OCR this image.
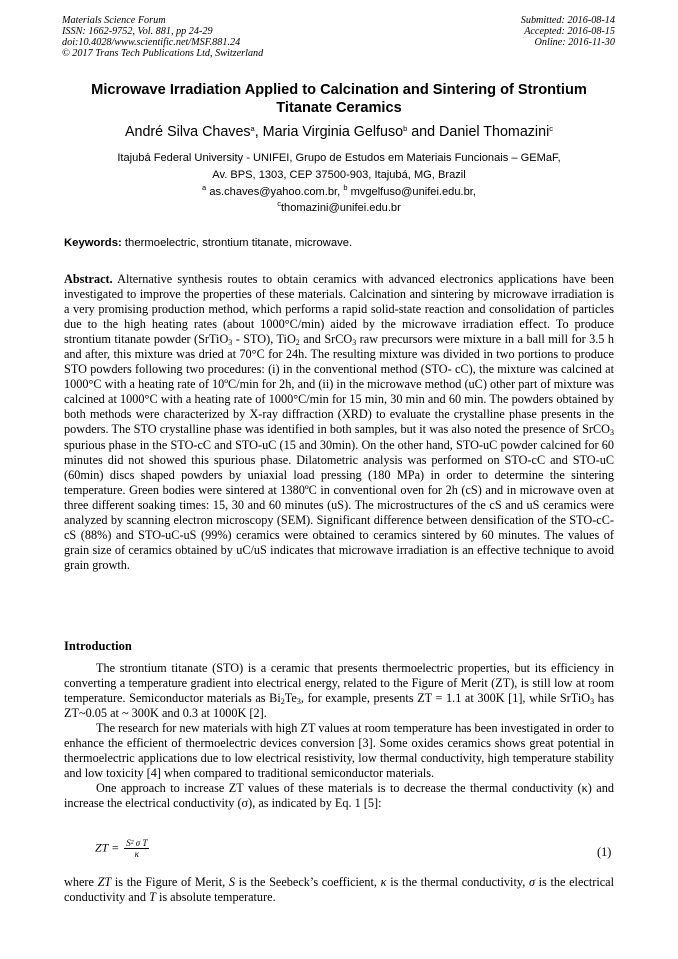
Materials Science Forum
ISSN: 1662-9752, Vol. 881, pp 24-29
doi:10.4028/www.scientific.net/MSF.881.24
© 2017 Trans Tech Publications Ltd, Switzerland
Submitted: 2016-08-14
Accepted: 2016-08-15
Online: 2016-11-30
Microwave Irradiation Applied to Calcination and Sintering of Strontium
Titanate Ceramics
André Silva Chaves$^a$, Maria Virginia Gelfuso$^b$ and Daniel Thomazini$^c$
Itajubá Federal University - UNIFEI, Grupo de Estudos em Materiais Funcionais – GEMaF,
Av. BPS, 1303, CEP 37500-903, Itajubá, MG, Brazil
$^a$ as.chaves@yahoo.com.br, $^b$ mvgelfuso@unifei.edu.br,
$^c$thomazini@unifei.edu.br
Keywords: thermoelectric, strontium titanate, microwave.
Abstract. Alternative synthesis routes to obtain ceramics with advanced electronics applications have been investigated to improve the properties of these materials. Calcination and sintering by microwave irradiation is a very promising production method, which performs a rapid solid-state reaction and consolidation of particles due to the high heating rates (about 1000°C/min) aided by the microwave irradiation effect. To produce strontium titanate powder (SrTiO$_3$ - STO), TiO$_2$ and SrCO$_3$ raw precursors were mixture in a ball mill for 3.5 h and after, this mixture was dried at 70°C for 24h. The resulting mixture was divided in two portions to produce STO powders following two procedures: (i) in the conventional method (STO- cC), the mixture was calcined at 1000°C with a heating rate of 10ºC/min for 2h, and (ii) in the microwave method (uC) other part of mixture was calcined at 1000°C with a heating rate of 1000°C/min for 15 min, 30 min and 60 min. The powders obtained by both methods were characterized by X-ray diffraction (XRD) to evaluate the crystalline phase presents in the powders. The STO crystalline phase was identified in both samples, but it was also noted the presence of SrCO$_3$ spurious phase in the STO-cC and STO-uC (15 and 30min). On the other hand, STO-uC powder calcined for 60 minutes did not showed this spurious phase. Dilatometric analysis was performed on STO-cC and STO-uC (60min) discs shaped powders by uniaxial load pressing (180 MPa) in order to determine the sintering temperature. Green bodies were sintered at 1380ºC in conventional oven for 2h (cS) and in microwave oven at three different soaking times: 15, 30 and 60 minutes (uS). The microstructures of the cS and uS ceramics were analyzed by scanning electron microscopy (SEM). Significant difference between densification of the STO-cC-cS (88%) and STO-uC-uS (99%) ceramics were obtained to ceramics sintered by 60 minutes. The values of grain size of ceramics obtained by uC/uS indicates that microwave irradiation is an effective technique to avoid grain growth.
Introduction

The strontium titanate (STO) is a ceramic that presents thermoelectric properties, but its efficiency in converting a temperature gradient into electrical energy, related to the Figure of Merit (ZT), is still low at room temperature. Semiconductor materials as $Bi_2Te_3$, for example, presents ZT = 1.1 at 300K [1], while SrTiO$_3$ has ZT~0.05 at ~ 300K and 0.3 at 1000K [2].

The research for new materials with high ZT values at room temperature has been investigated in order to enhance the efficient of thermoelectric devices conversion [3]. Some oxides ceramics shows great potential in thermoelectric applications due to low electrical resistivity, low thermal conductivity, high temperature stability and low toxicity [4] when compared to traditional semiconductor materials.

One approach to increase ZT values of these materials is to decrease the thermal conductivity (κ) and increase the electrical conductivity (σ), as indicated by Eq. 1 [5]:

ZT = $\frac{\text{S² σ T}}{\kappa}$	(1)
where ZT is the Figure of Merit, S is the Seebeck’s coefficient, κ is the thermal conductivity, σ is the electrical conductivity and T is absolute temperature.
